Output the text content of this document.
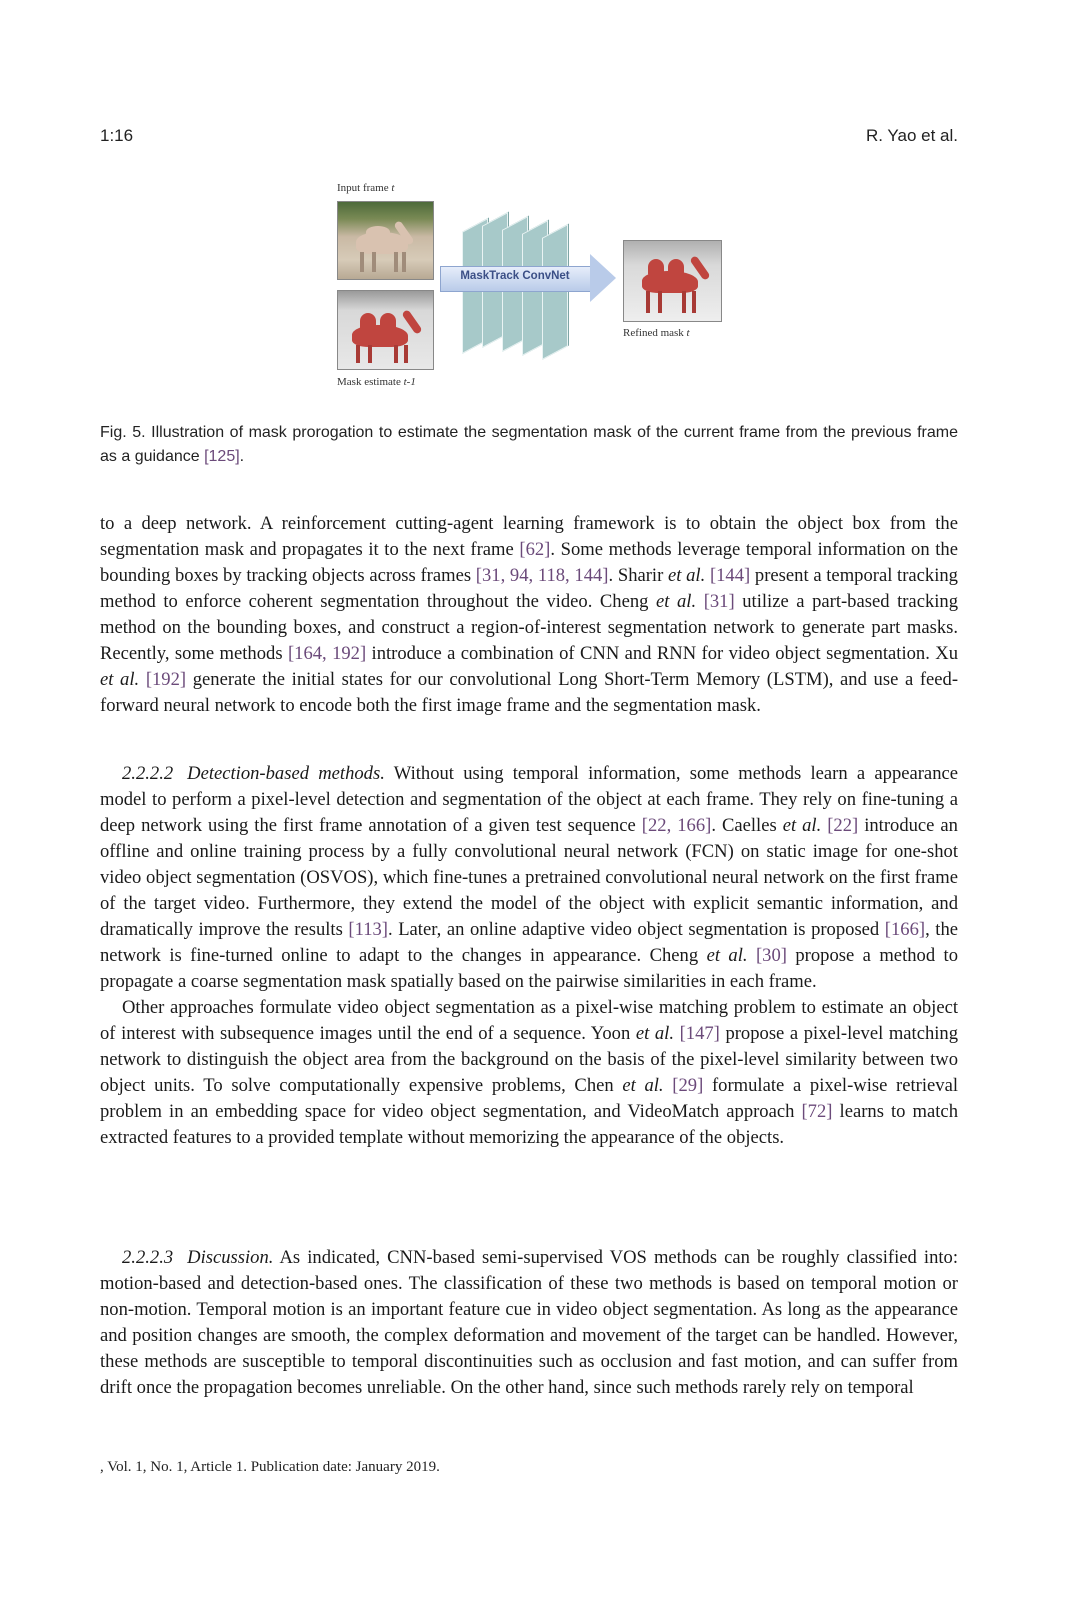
1:16	R. Yao et al.
Input frame t
Mask estimate t-1
MaskTrack ConvNet
Refined mask t
Fig. 5. Illustration of mask prorogation to estimate the segmentation mask of the current frame from the previous frame as a guidance [125].

to a deep network. A reinforcement cutting-agent learning framework is to obtain the object box from the segmentation mask and propagates it to the next frame [62]. Some methods leverage temporal information on the bounding boxes by tracking objects across frames [31, 94, 118, 144]. Sharir et al. [144] present a temporal tracking method to enforce coherent segmentation throughout the video. Cheng et al. [31] utilize a part-based tracking method on the bounding boxes, and construct a region-of-interest segmentation network to generate part masks. Recently, some methods [164, 192] introduce a combination of CNN and RNN for video object segmentation. Xu et al. [192] generate the initial states for our convolutional Long Short-Term Memory (LSTM), and use a feed-forward neural network to encode both the first image frame and the segmentation mask.

2.2.2.2 Detection-based methods. Without using temporal information, some methods learn a appearance model to perform a pixel-level detection and segmentation of the object at each frame. They rely on fine-tuning a deep network using the first frame annotation of a given test sequence [22, 166]. Caelles et al. [22] introduce an offline and online training process by a fully convolutional neural network (FCN) on static image for one-shot video object segmentation (OSVOS), which fine-tunes a pretrained convolutional neural network on the first frame of the target video. Furthermore, they extend the model of the object with explicit semantic information, and dramatically improve the results [113]. Later, an online adaptive video object segmentation is proposed [166], the network is fine-turned online to adapt to the changes in appearance. Cheng et al. [30] propose a method to propagate a coarse segmentation mask spatially based on the pairwise similarities in each frame.

Other approaches formulate video object segmentation as a pixel-wise matching problem to estimate an object of interest with subsequence images until the end of a sequence. Yoon et al. [147] propose a pixel-level matching network to distinguish the object area from the background on the basis of the pixel-level similarity between two object units. To solve computationally expensive problems, Chen et al. [29] formulate a pixel-wise retrieval problem in an embedding space for video object segmentation, and VideoMatch approach [72] learns to match extracted features to a provided template without memorizing the appearance of the objects.

2.2.2.3 Discussion. As indicated, CNN-based semi-supervised VOS methods can be roughly classified into: motion-based and detection-based ones. The classification of these two methods is based on temporal motion or non-motion. Temporal motion is an important feature cue in video object segmentation. As long as the appearance and position changes are smooth, the complex deformation and movement of the target can be handled. However, these methods are susceptible to temporal discontinuities such as occlusion and fast motion, and can suffer from drift once the propagation becomes unreliable. On the other hand, since such methods rarely rely on temporal

, Vol. 1, No. 1, Article 1. Publication date: January 2019.
